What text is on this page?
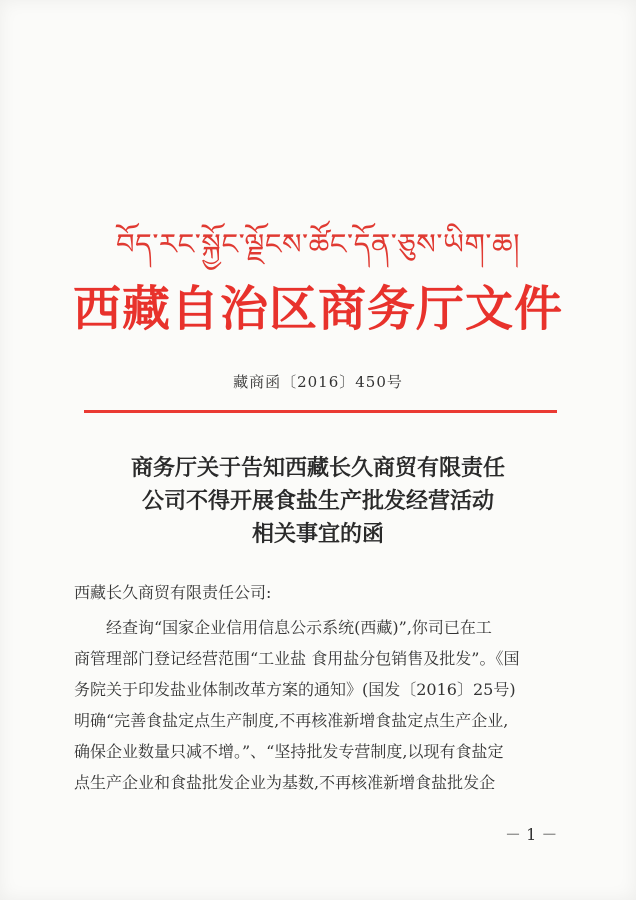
བོད་རང་སྐྱོང་ལྗོངས་ཚོང་དོན་ཅུས་ཡིག་ཆ།
西藏自治区商务厅文件
藏商函〔2016〕450号
商务厅关于告知西藏长久商贸有限责任
公司不得开展食盐生产批发经营活动
相关事宜的函
西藏长久商贸有限责任公司:
经查询“国家企业信用信息公示系统(西藏)”,你司已在工
商管理部门登记经营范围“工业盐 食用盐分包销售及批发”。《国
务院关于印发盐业体制改革方案的通知》(国发〔2016〕25号)
明确“完善食盐定点生产制度,不再核准新增食盐定点生产企业,
确保企业数量只减不增。”、“坚持批发专营制度,以现有食盐定
点生产企业和食盐批发企业为基数,不再核准新增食盐批发企
－ 1 －
